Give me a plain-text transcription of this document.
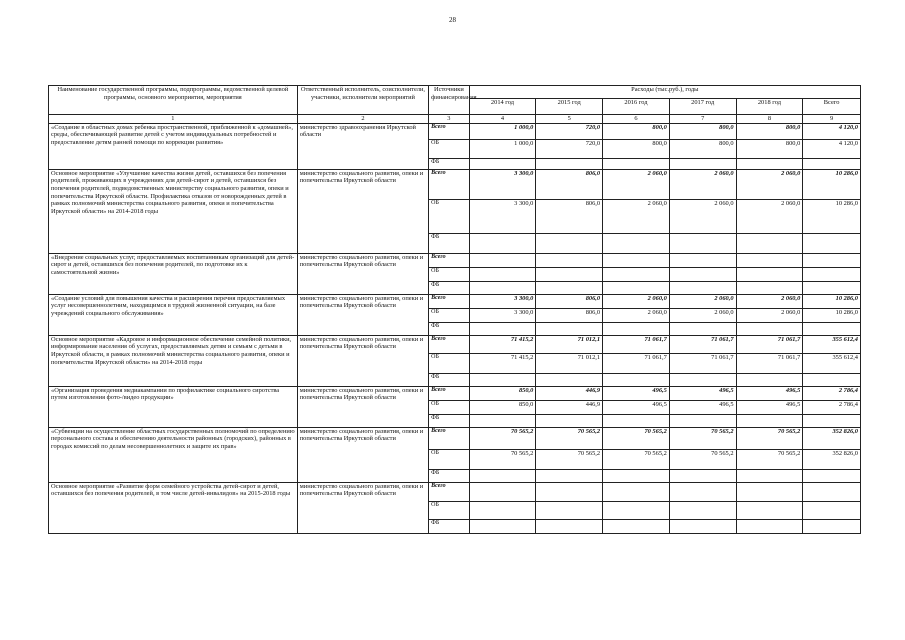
28
Наименование государственной программы, подпрограммы, ведомственной целевой программы, основного мероприятия, мероприятия	Ответственный исполнитель, соисполнители, участники, исполнители мероприятий	Источники финансирования	Расходы (тыс.руб.), годы					
			2014 год	2015 год	2016 год	2017 год	2018 год	Всего
1	2	3	4	5	6	7	8	9
«Создание в областных домах ребенка пространственной, приближенной к «домашней», среды, обеспечивающей развитие детей с учетом индивидуальных потребностей и предоставление детям ранней помощи по коррекции развития»	министерство здравоохранения Иркутской области	Всего	1 000,0	720,0	800,0	800,0	800,0	4 120,0
		ОБ	1 000,0	720,0	800,0	800,0	800,0	4 120,0
		ФБ						
Основное мероприятие «Улучшение качества жизни детей, оставшихся без попечения родителей, проживающих в учреждениях для детей-сирот и детей, оставшихся без попечения родителей, подведомственных министерству социального развития, опеки и попечительства Иркутской области. Профилактика отказов от новорожденных детей в рамках полномочий министерства социального развития, опеки и попечительства Иркутской области» на 2014-2018 годы	министерство социального развития, опеки и попечительства Иркутской области	Всего	3 300,0	806,0	2 060,0	2 060,0	2 060,0	10 286,0
		ОБ	3 300,0	806,0	2 060,0	2 060,0	2 060,0	10 286,0
		ФБ						
«Внедрение социальных услуг, предоставляемых воспитанникам организаций для детей-сирот и детей, оставшихся без попечения родителей, по подготовке их к самостоятельной жизни»	министерство социального развития, опеки и попечительства Иркутской области	Всего						
		ОБ						
		ФБ						
«Создание условий для повышения качества и расширения перечня предоставляемых услуг несовершеннолетним, находящимся в трудной жизненной ситуации, на базе учреждений социального обслуживания»	министерство социального развития, опеки и попечительства Иркутской области	Всего	3 300,0	806,0	2 060,0	2 060,0	2 060,0	10 286,0
		ОБ	3 300,0	806,0	2 060,0	2 060,0	2 060,0	10 286,0
		ФБ						
Основное мероприятие «Кадровое и информационное обеспечение семейной политики, информирование населения об услугах, предоставляемых детям и семьям с детьми в Иркутской области, в рамках полномочий министерства социального развития, опеки и попечительства Иркутской области» на 2014-2018 годы	министерство социального развития, опеки и попечительства Иркутской области	Всего	71 415,2	71 012,1	71 061,7	71 061,7	71 061,7	355 612,4
		ОБ	71 415,2	71 012,1	71 061,7	71 061,7	71 061,7	355 612,4
		ФБ						
«Организация проведения медиакампании по профилактике социального сиротства путем изготовления фото-/видео продукции»	министерство социального развития, опеки и попечительства Иркутской области	Всего	850,0	446,9	496,5	496,5	496,5	2 786,4
		ОБ	850,0	446,9	496,5	496,5	496,5	2 786,4
		ФБ						
«Субвенции на осуществление областных государственных полномочий по определению персонального состава и обеспечению деятельности районных (городских), районных в городах комиссий по делам несовершеннолетних и защите их прав»	министерство социального развития, опеки и попечительства Иркутской области	Всего	70 565,2	70 565,2	70 565,2	70 565,2	70 565,2	352 826,0
		ОБ	70 565,2	70 565,2	70 565,2	70 565,2	70 565,2	352 826,0
		ФБ						
Основное мероприятие «Развитие форм семейного устройства детей-сирот и детей, оставшихся без попечения родителей, в том числе детей-инвалидов» на 2015-2018 годы	министерство социального развития, опеки и попечительства Иркутской области	Всего						
		ОБ						
		ФБ						
